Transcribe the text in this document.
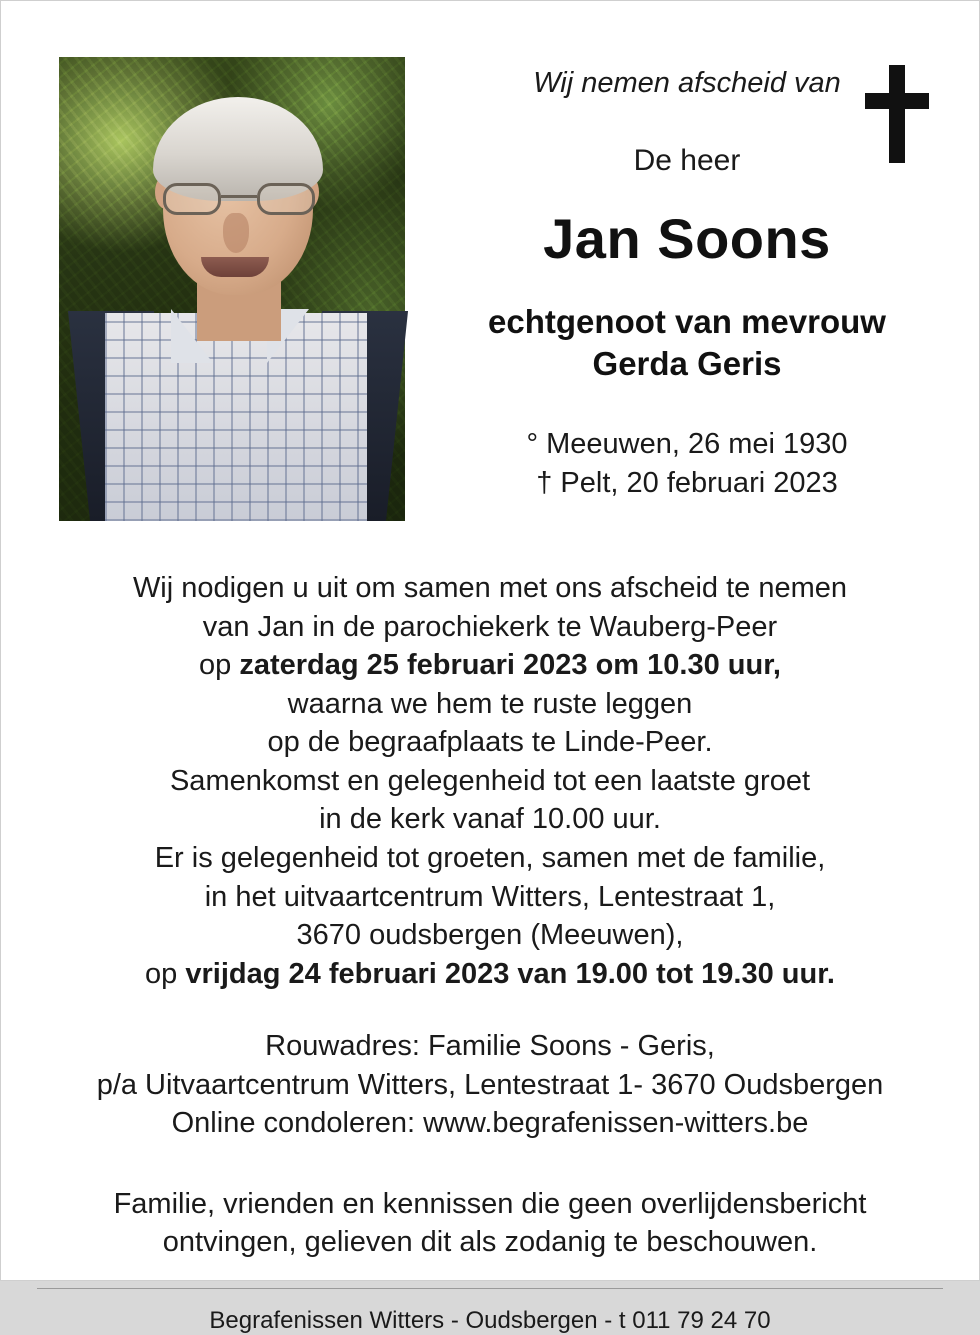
Wij nemen afscheid van
De heer
Jan Soons
echtgenoot van mevrouw
Gerda Geris
° Meeuwen, 26 mei 1930
† Pelt, 20 februari 2023
Wij nodigen u uit om samen met ons afscheid te nemen
van Jan in de parochiekerk te Wauberg-Peer
op zaterdag 25 februari 2023 om 10.30 uur,
waarna we hem te ruste leggen
op de begraafplaats te Linde-Peer.
Samenkomst en gelegenheid tot een laatste groet
in de kerk vanaf 10.00 uur.
Er is gelegenheid tot groeten, samen met de familie,
in het uitvaartcentrum Witters, Lentestraat 1,
3670 oudsbergen (Meeuwen),
op vrijdag 24 februari 2023 van 19.00 tot 19.30 uur.
Rouwadres: Familie Soons - Geris,
p/a Uitvaartcentrum Witters, Lentestraat 1- 3670 Oudsbergen
Online condoleren: www.begrafenissen-witters.be
Familie, vrienden en kennissen die geen overlijdensbericht
ontvingen, gelieven dit als zodanig te beschouwen.
Begrafenissen Witters - Oudsbergen - t 011 79 24 70
